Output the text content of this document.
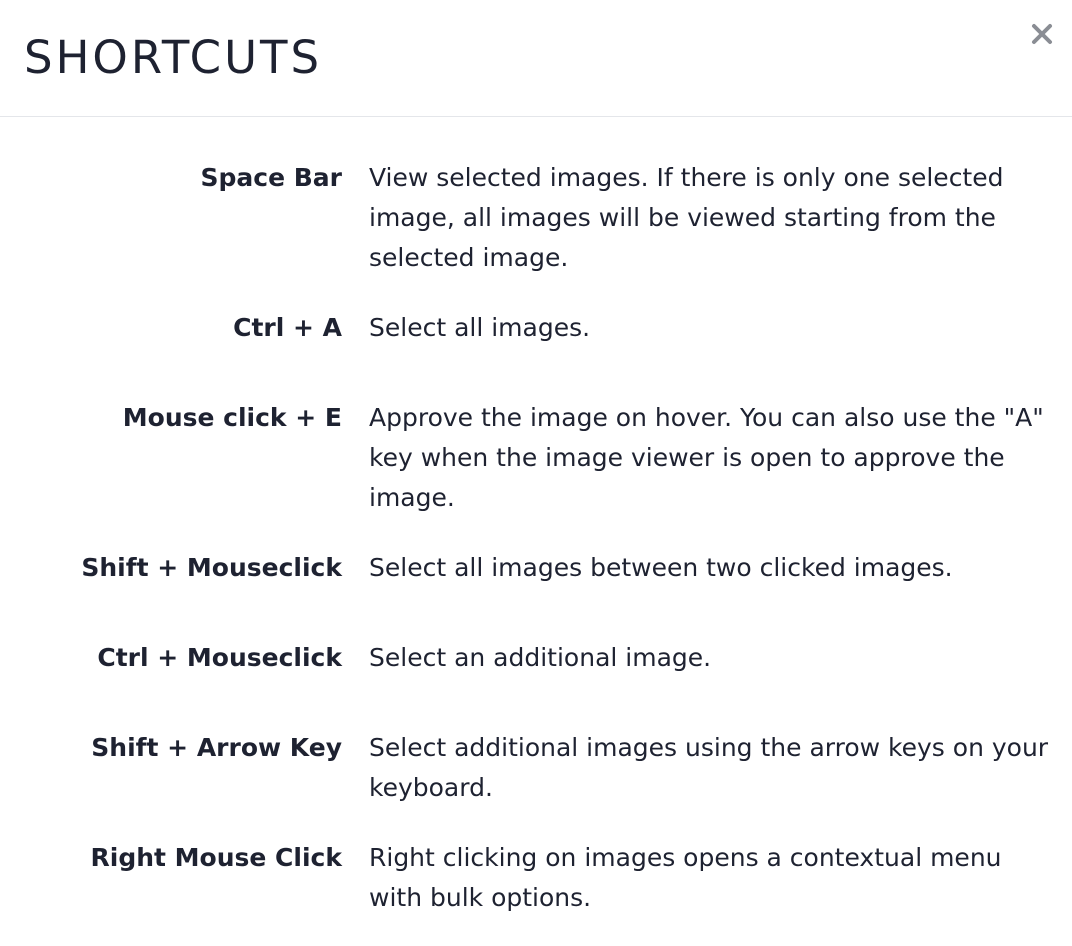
SHORTCUTS
Space Bar View selected images. If there is only one selected image, all images will be viewed starting from the selected image.
Ctrl + A Select all images.
Mouse click + E Approve the image on hover. You can also use the "A" key when the image viewer is open to approve the image.
Shift + Mouseclick Select all images between two clicked images.
Ctrl + Mouseclick Select an additional image.
Shift + Arrow Key Select additional images using the arrow keys on your keyboard.
Right Mouse Click Right clicking on images opens a contextual menu with bulk options.
